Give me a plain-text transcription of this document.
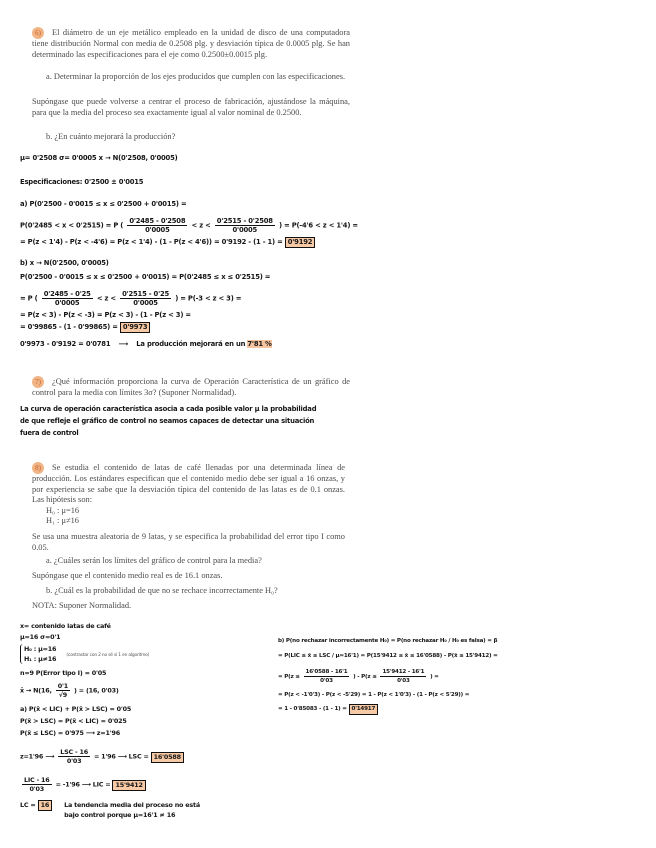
6) El diámetro de un eje metálico empleado en la unidad de disco de una computadora tiene distribución Normal con media de 0.2508 plg. y desviación típica de 0.0005 plg. Se han determinado las especificaciones para el eje como 0.2500±0.0015 plg.
a. Determinar la proporción de los ejes producidos que cumplen con las especificaciones.
Supóngase que puede volverse a centrar el proceso de fabricación, ajustándose la máquina, para que la media del proceso sea exactamente igual al valor nominal de 0.2500.
b. ¿En cuánto mejorará la producción?
μ= 0'2508 σ= 0'0005 x → N(0'2508, 0'0005)
Especificaciones: 0'2500 ± 0'0015
a) P(0'2500 - 0'0015 ≤ x ≤ 0'2500 + 0'0015) =
P(0'2485 < x < 0'2515) = P ( $\frac{0'2485 - 0'2508}{0'0005} < z < \frac{0'2515 - 0'2508}{0'0005}$ ) = P(-4'6 < z < 1'4) =
= P(z < 1'4) - P(z < -4'6) = P(z < 1'4) - (1 - P(z < 4'6)) = 0'9192 - (1 - 1) = 0'9192
b) x → N(0'2500, 0'0005)
P(0'2500 - 0'0015 ≤ x ≤ 0'2500 + 0'0015) = P(0'2485 ≤ x ≤ 0'2515) =
= P ( $\frac{0'2485 - 0'25}{0'0005} < z < \frac{0'2515 - 0'25}{0'0005}$ ) = P(-3 < z < 3) =
= P(z < 3) - P(z < -3) = P(z < 3) - (1 - P(z < 3) =
= 0'99865 - (1 - 0'99865) = 0'9973
0'9973 - 0'9192 = 0'0781 ⟶ La producción mejorará en un 7'81 %
7) ¿Qué información proporciona la curva de Operación Característica de un gráfico de control para la media con límites 3σ? (Suponer Normalidad).
La curva de operación característica asocia a cada posible valor μ la probabilidad
de que refleje el gráfico de control no seamos capaces de detectar una situación
fuera de control
8) Se estudia el contenido de latas de café llenadas por una determinada línea de producción. Los estándares especifican que el contenido medio debe ser igual a 16 onzas, y por experiencia se sabe que la desviación típica del contenido de las latas es de 0.1 onzas. Las hipótesis son:
H₀ : μ=16
H₁ : μ≠16
Se usa una muestra aleatoria de 9 latas, y se especifica la probabilidad del error tipo I como 0.05.
a. ¿Cuáles serán los límites del gráfico de control para la media?
Supóngase que el contenido medio real es de 16.1 onzas.
b. ¿Cuál es la probabilidad de que no se rechace incorrectamente H₀?
NOTA: Suponer Normalidad.
x= contenido latas de café
μ=16 σ=0'1
H₀ : μ=16
H₁ : μ≠16 (contrastar con 2 no sé si 1 en algoritmo)
n=9 P(Error tipo I) = 0'05
x̄ → N(16, $\frac{0'1}{√9}$ ) = (16, 0'03)
a) P(x̄ < LIC) + P(x̄ > LSC) = 0'05
P(x̄ > LSC) = P(x̄ < LIC) = 0'025
P(x̄ ≤ LSC) = 0'975 ⟶ z=1'96
z=1'96 ⟶ $\frac{\text{LSC - 16}}{0'03} = 1'96$ ⟶ LSC = 16'0588
$\frac{\text{LIC - 16}}{0'03} = -1'96$ ⟶ LIC = 15'9412
LC = 16 La tendencia media del proceso no está
bajo control porque μ=16'1 ≠ 16
b) P(no rechazar incorrectamente H₀) = P(no rechazar H₀ / H₀ es falsa) = β
= P(LIC ≤ x̄ ≤ LSC / μ=16'1) = P(15'9412 ≤ x̄ ≤ 16'0588) - P(x̄ ≤ 15'9412) =
= $P(z \le \frac{16'0588 - 16'1}{0'03}$ ) - $P(z \le \frac{15'9412 - 16'1}{0'03}$ ) =
= P(z < -1'0'3) - P(z < -5'29) = 1 - P(z < 1'0'3) - (1 - P(z < 5'29)) =
= 1 - 0'85083 - (1 - 1) = 0'14917
